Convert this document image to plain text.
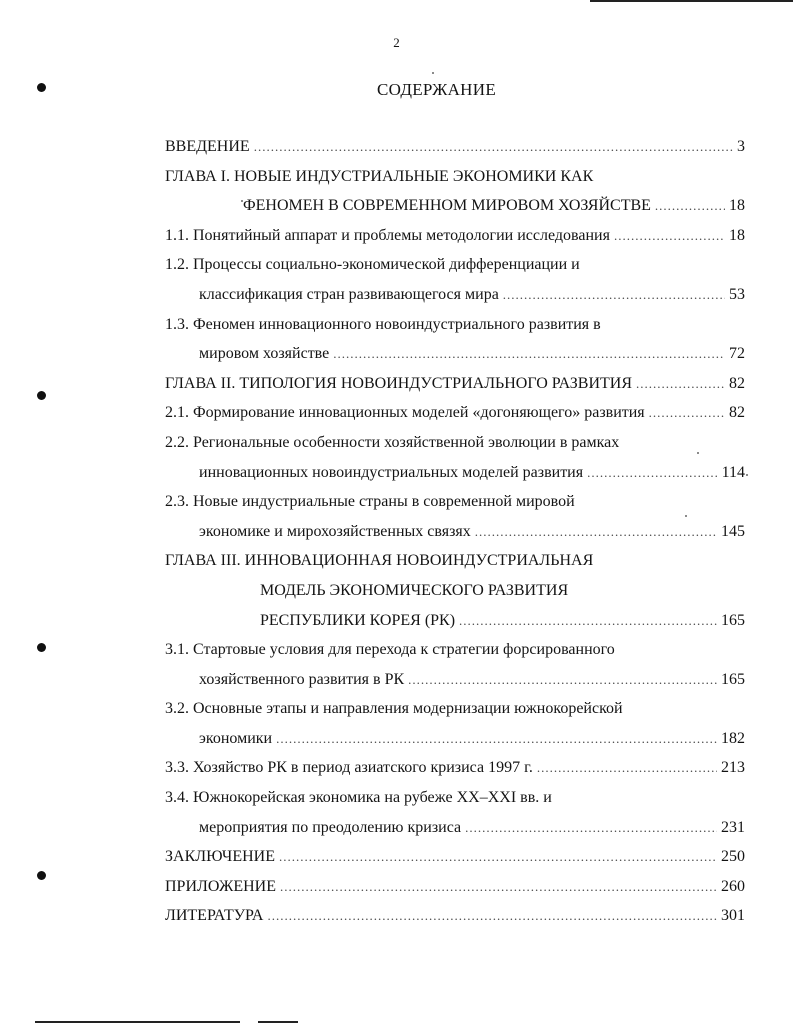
2
СОДЕРЖАНИЕ
ВВЕДЕНИЕ .....	3
ГЛАВА I. НОВЫЕ ИНДУСТРИАЛЬНЫЕ ЭКОНОМИКИ КАК
ФЕНОМЕН В СОВРЕМЕННОМ МИРОВОМ ХОЗЯЙСТВЕ .....	18
1.1. Понятийный аппарат и проблемы методологии исследования .....	18
1.2. Процессы социально-экономической дифференциации и
классификация стран развивающегося мира .....	53
1.3. Феномен инновационного новоиндустриального развития в
мировом хозяйстве .....	72
ГЛАВА II. ТИПОЛОГИЯ НОВОИНДУСТРИАЛЬНОГО РАЗВИТИЯ .....	82
2.1. Формирование инновационных моделей «догоняющего» развития .....	82
2.2. Региональные особенности хозяйственной эволюции в рамках
инновационных новоиндустриальных моделей развития .....	114
2.3. Новые индустриальные страны в современной мировой
экономике и мирохозяйственных связях .....	145
ГЛАВА III. ИННОВАЦИОННАЯ НОВОИНДУСТРИАЛЬНАЯ
МОДЕЛЬ ЭКОНОМИЧЕСКОГО РАЗВИТИЯ
РЕСПУБЛИКИ КОРЕЯ (РК) .....	165
3.1. Стартовые условия для перехода к стратегии форсированного
хозяйственного развития в РК .....	165
3.2. Основные этапы и направления модернизации южнокорейской
экономики .....	182
3.3. Хозяйство РК в период азиатского кризиса 1997 г. .....	213
3.4. Южнокорейская экономика на рубеже XX–XXI вв. и
мероприятия по преодолению кризиса .....	231
ЗАКЛЮЧЕНИЕ .....	250
ПРИЛОЖЕНИЕ .....	260
ЛИТЕРАТУРА .....	301
